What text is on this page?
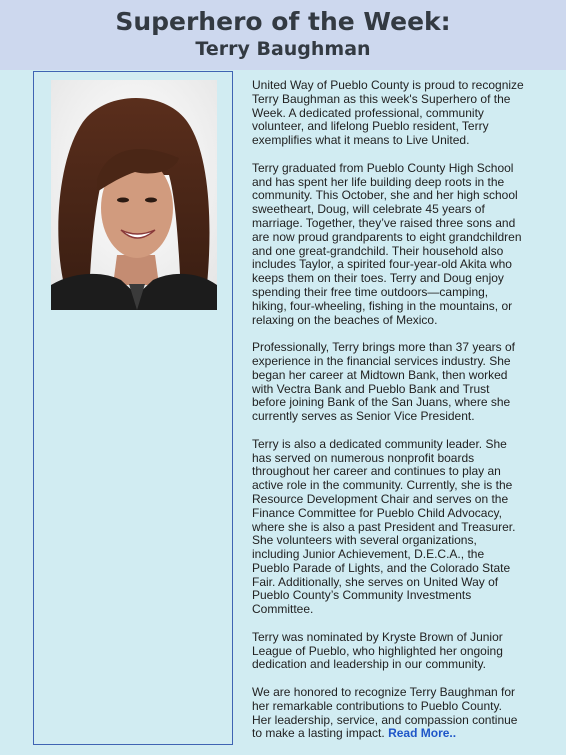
Superhero of the Week:
Terry Baughman

United Way of Pueblo County is proud to recognize Terry Baughman as this week's Superhero of the Week. A dedicated professional, community volunteer, and lifelong Pueblo resident, Terry exemplifies what it means to Live United.

Terry graduated from Pueblo County High School and has spent her life building deep roots in the community. This October, she and her high school sweetheart, Doug, will celebrate 45 years of marriage. Together, they’ve raised three sons and are now proud grandparents to eight grandchildren and one great-grandchild. Their household also includes Taylor, a spirited four-year-old Akita who keeps them on their toes. Terry and Doug enjoy spending their free time outdoors—camping, hiking, four-wheeling, fishing in the mountains, or relaxing on the beaches of Mexico.

Professionally, Terry brings more than 37 years of experience in the financial services industry. She began her career at Midtown Bank, then worked with Vectra Bank and Pueblo Bank and Trust before joining Bank of the San Juans, where she currently serves as Senior Vice President.

Terry is also a dedicated community leader. She has served on numerous nonprofit boards throughout her career and continues to play an active role in the community. Currently, she is the Resource Development Chair and serves on the Finance Committee for Pueblo Child Advocacy, where she is also a past President and Treasurer. She volunteers with several organizations, including Junior Achievement, D.E.C.A., the Pueblo Parade of Lights, and the Colorado State Fair. Additionally, she serves on United Way of Pueblo County’s Community Investments Committee.

Terry was nominated by Kryste Brown of Junior League of Pueblo, who highlighted her ongoing dedication and leadership in our community.

We are honored to recognize Terry Baughman for her remarkable contributions to Pueblo County. Her leadership, service, and compassion continue to make a lasting impact. Read More..
